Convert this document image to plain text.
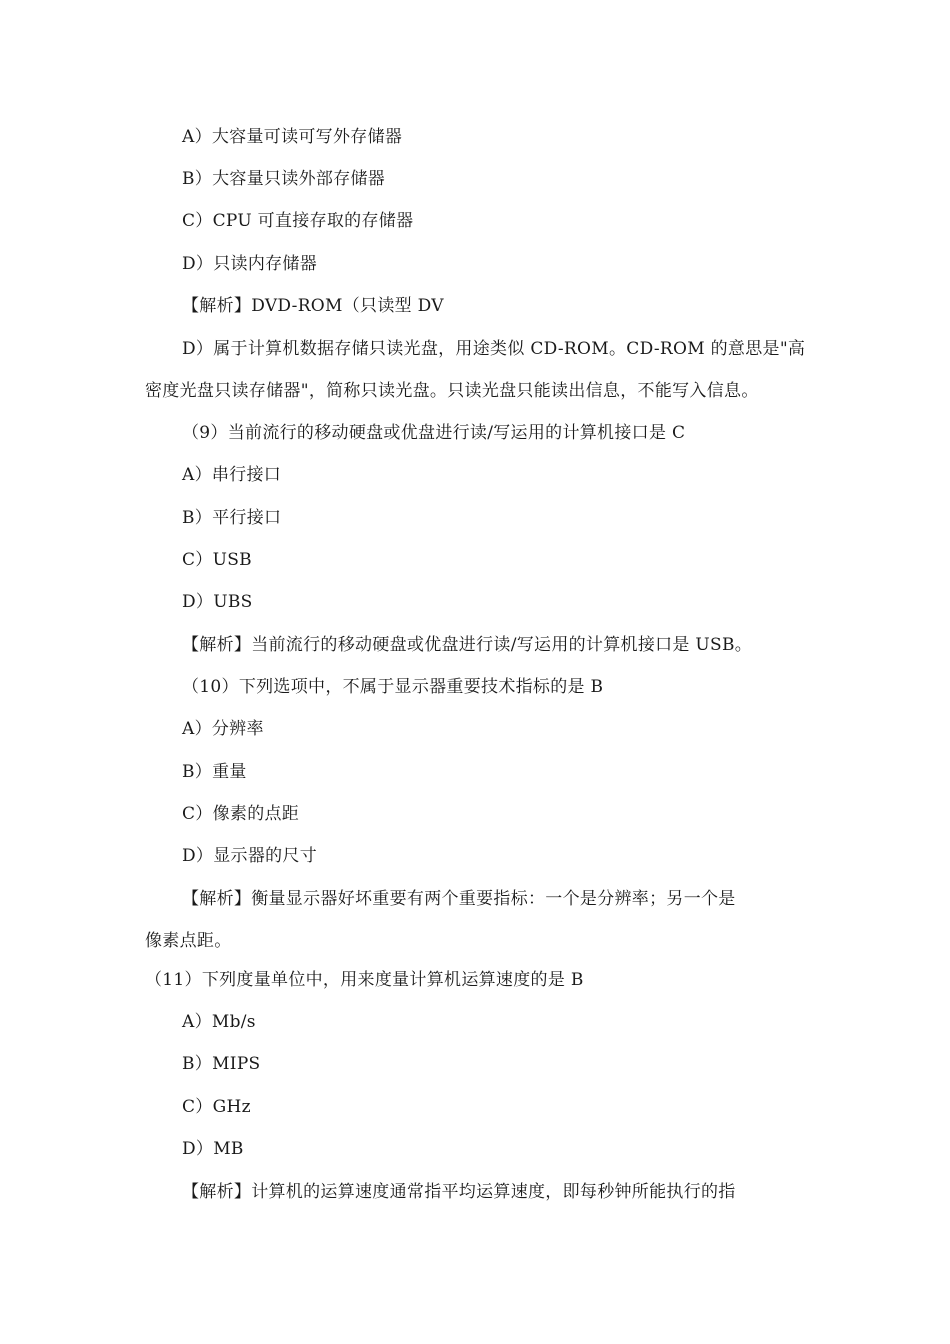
A）大容量可读可写外存储器
B）大容量只读外部存储器
C）CPU 可直接存取的存储器
D）只读内存储器
【解析】DVD-ROM（只读型 DV
D）属于计算机数据存储只读光盘，用途类似 CD-ROM。CD-ROM 的意思是"高
密度光盘只读存储器"，简称只读光盘。只读光盘只能读出信息，不能写入信息。
（9）当前流行的移动硬盘或优盘进行读/写运用的计算机接口是 C
A）串行接口
B）平行接口
C）USB
D）UBS
【解析】当前流行的移动硬盘或优盘进行读/写运用的计算机接口是 USB。
（10）下列选项中，不属于显示器重要技术指标的是 B
A）分辨率
B）重量
C）像素的点距
D）显示器的尺寸
【解析】衡量显示器好坏重要有两个重要指标：一个是分辨率；另一个是
像素点距。
（11）下列度量单位中，用来度量计算机运算速度的是 B
A）Mb/s
B）MIPS
C）GHz
D）MB
【解析】计算机的运算速度通常指平均运算速度，即每秒钟所能执行的指
